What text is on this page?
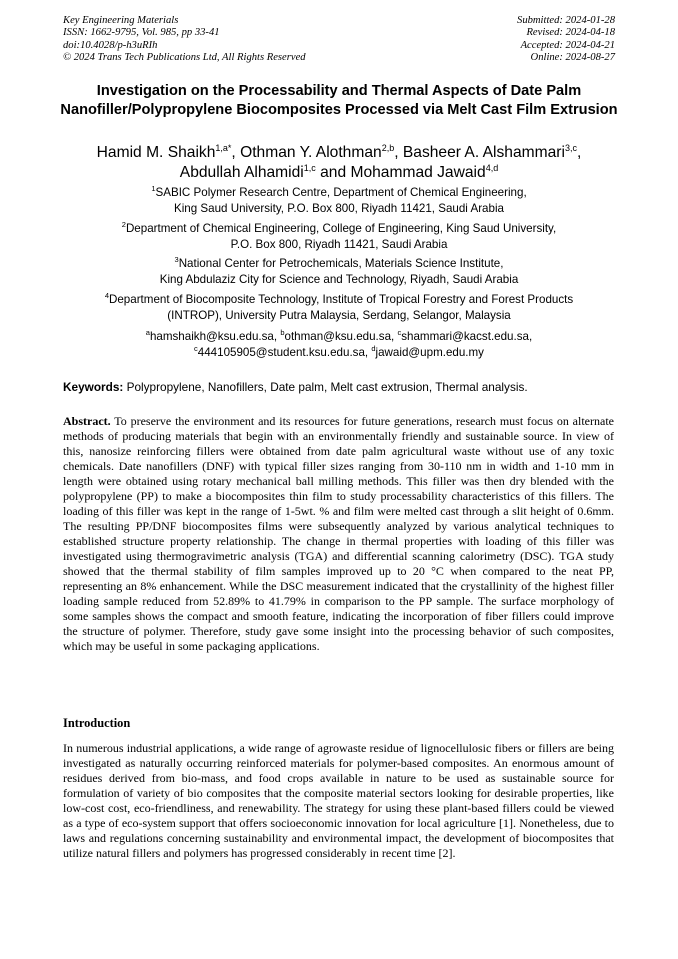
Key Engineering Materials
ISSN: 1662-9795, Vol. 985, pp 33-41
doi:10.4028/p-h3uRIh
© 2024 Trans Tech Publications Ltd, All Rights Reserved
Submitted: 2024-01-28
Revised: 2024-04-18
Accepted: 2024-04-21
Online: 2024-08-27
Investigation on the Processability and Thermal Aspects of Date Palm Nanofiller/Polypropylene Biocomposites Processed via Melt Cast Film Extrusion
Hamid M. Shaikh$^{1,a*}$, Othman Y. Alothman$^{2,b}$, Basheer A. Alshammari$^{3,c}$,
Abdullah Alhamidi$^{1,c}$ and Mohammad Jawaid$^{4,d}$
$^1$SABIC Polymer Research Centre, Department of Chemical Engineering,
King Saud University, P.O. Box 800, Riyadh 11421, Saudi Arabia
$^2$Department of Chemical Engineering, College of Engineering, King Saud University,
P.O. Box 800, Riyadh 11421, Saudi Arabia
$^3$National Center for Petrochemicals, Materials Science Institute,
King Abdulaziz City for Science and Technology, Riyadh, Saudi Arabia
$^4$Department of Biocomposite Technology, Institute of Tropical Forestry and Forest Products
(INTROP), University Putra Malaysia, Serdang, Selangor, Malaysia
$^a$hamshaikh@ksu.edu.sa, $^b$othman@ksu.edu.sa, $^c$shammari@kacst.edu.sa,
$^c$444105905@student.ksu.edu.sa, $^d$jawaid@upm.edu.my
Keywords: Polypropylene, Nanofillers, Date palm, Melt cast extrusion, Thermal analysis.
Abstract. To preserve the environment and its resources for future generations, research must focus on alternate methods of producing materials that begin with an environmentally friendly and sustainable source. In view of this, nanosize reinforcing fillers were obtained from date palm agricultural waste without use of any toxic chemicals. Date nanofillers (DNF) with typical filler sizes ranging from 30-110 nm in width and 1-10 mm in length were obtained using rotary mechanical ball milling methods. This filler was then dry blended with the polypropylene (PP) to make a biocomposites thin film to study processability characteristics of this fillers. The loading of this filler was kept in the range of 1-5wt. % and film were melted cast through a slit height of 0.6mm. The resulting PP/DNF biocomposites films were subsequently analyzed by various analytical techniques to established structure property relationship. The change in thermal properties with loading of this filler was investigated using thermogravimetric analysis (TGA) and differential scanning calorimetry (DSC). TGA study showed that the thermal stability of film samples improved up to 20 °C when compared to the neat PP, representing an 8% enhancement. While the DSC measurement indicated that the crystallinity of the highest filler loading sample reduced from 52.89% to 41.79% in comparison to the PP sample. The surface morphology of some samples shows the compact and smooth feature, indicating the incorporation of fiber fillers could improve the structure of polymer. Therefore, study gave some insight into the processing behavior of such composites, which may be useful in some packaging applications.
Introduction
In numerous industrial applications, a wide range of agrowaste residue of lignocellulosic fibers or fillers are being investigated as naturally occurring reinforced materials for polymer-based composites. An enormous amount of residues derived from bio-mass, and food crops available in nature to be used as sustainable source for formulation of variety of bio composites that the composite material sectors looking for desirable properties, like low-cost cost, eco-friendliness, and renewability. The strategy for using these plant-based fillers could be viewed as a type of eco-system support that offers socioeconomic innovation for local agriculture [1]. Nonetheless, due to laws and regulations concerning sustainability and environmental impact, the development of biocomposites that utilize natural fillers and polymers has progressed considerably in recent time [2].
